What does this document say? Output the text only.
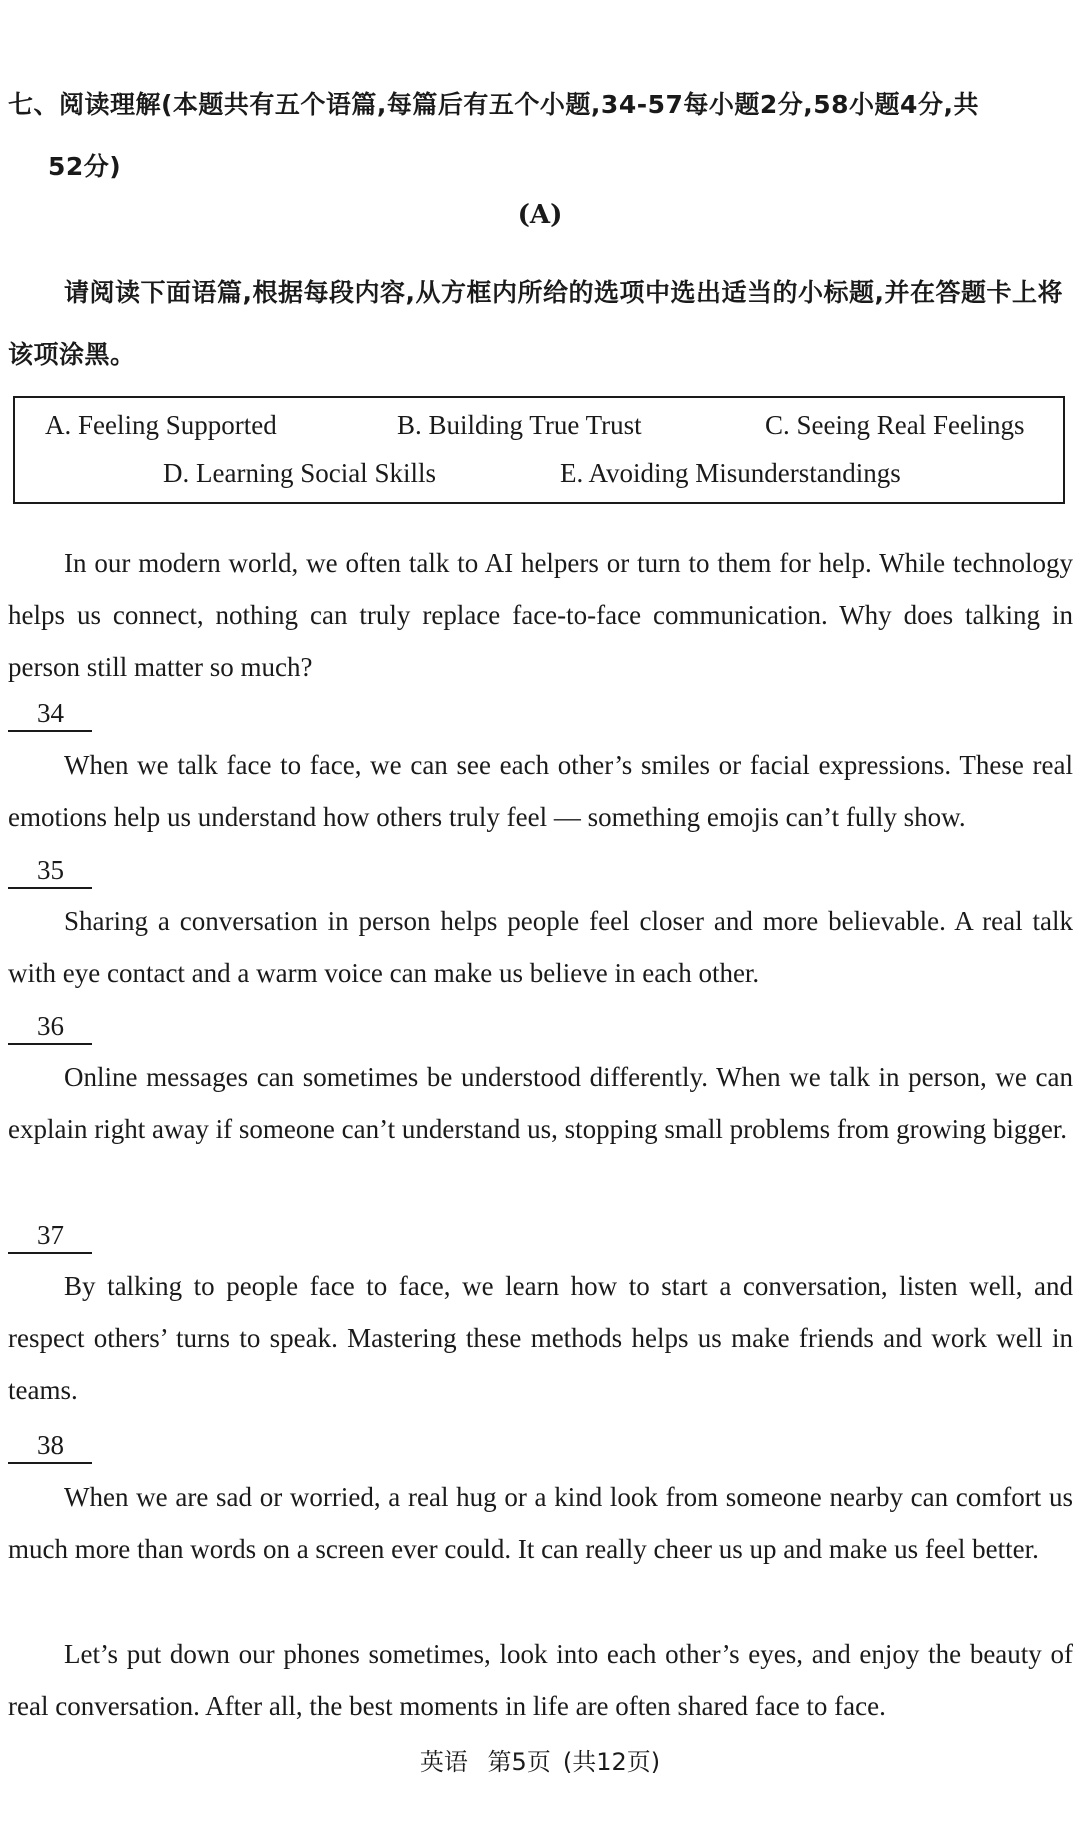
七、阅读理解(本题共有五个语篇,每篇后有五个小题,34-57每小题2分,58小题4分,共
52分)
(A)
请阅读下面语篇,根据每段内容,从方框内所给的选项中选出适当的小标题,并在答题卡上将该项涂黑。
A. Feeling Supported	B. Building True Trust	C. Seeing Real Feelings
D. Learning Social Skills	E. Avoiding Misunderstandings

In our modern world, we often talk to AI helpers or turn to them for help. While technology helps us connect, nothing can truly replace face-to-face communication. Why does talking in person still matter so much?

34

When we talk face to face, we can see each other’s smiles or facial expressions. These real emotions help us understand how others truly feel — something emojis can’t fully show.

35

Sharing a conversation in person helps people feel closer and more believable. A real talk with eye contact and a warm voice can make us believe in each other.

36

Online messages can sometimes be understood differently. When we talk in person, we can explain right away if someone can’t understand us, stopping small problems from growing bigger.

37

By talking to people face to face, we learn how to start a conversation, listen well, and respect others’ turns to speak. Mastering these methods helps us make friends and work well in teams.

38

When we are sad or worried, a real hug or a kind look from someone nearby can comfort us much more than words on a screen ever could. It can really cheer us up and make us feel better.

Let’s put down our phones sometimes, look into each other’s eyes, and enjoy the beauty of real conversation. After all, the best moments in life are often shared face to face.

英语 第5页 (共12页)
